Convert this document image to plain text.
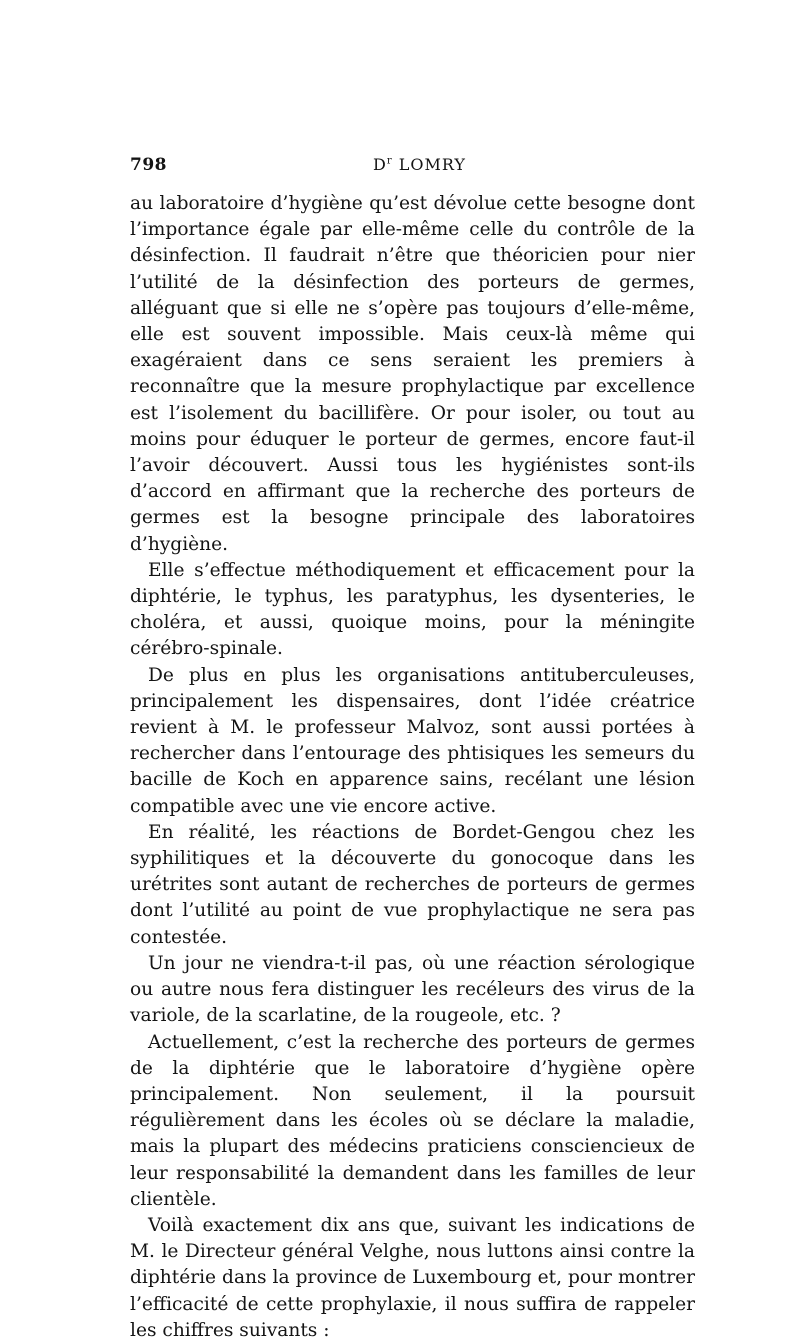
798	$D^r$ LOMRY

au laboratoire d’hygiène qu’est dévolue cette besogne dont l’importance égale par elle-même celle du contrôle de la désinfection. Il faudrait n’être que théoricien pour nier l’utilité de la désinfection des porteurs de germes, alléguant que si elle ne s’opère pas toujours d’elle-même, elle est souvent impossible. Mais ceux-là même qui exagéraient dans ce sens seraient les premiers à reconnaître que la mesure prophylactique par excellence est l’isolement du bacillifère. Or pour isoler, ou tout au moins pour éduquer le porteur de germes, encore faut-il l’avoir découvert. Aussi tous les hygiénistes sont-ils d’accord en affirmant que la recherche des porteurs de germes est la besogne principale des laboratoires d’hygiène.

Elle s’effectue méthodiquement et efficacement pour la diphtérie, le typhus, les paratyphus, les dysenteries, le choléra, et aussi, quoique moins, pour la méningite cérébro-spinale.

De plus en plus les organisations antituberculeuses, principalement les dispensaires, dont l’idée créatrice revient à M. le professeur Malvoz, sont aussi portées à rechercher dans l’entourage des phtisiques les semeurs du bacille de Koch en apparence sains, recélant une lésion compatible avec une vie encore active.

En réalité, les réactions de Bordet-Gengou chez les syphilitiques et la découverte du gonocoque dans les urétrites sont autant de recherches de porteurs de germes dont l’utilité au point de vue prophylactique ne sera pas contestée.

Un jour ne viendra-t-il pas, où une réaction sérologique ou autre nous fera distinguer les recéleurs des virus de la variole, de la scarlatine, de la rougeole, etc. ?

Actuellement, c’est la recherche des porteurs de germes de la diphtérie que le laboratoire d’hygiène opère principalement. Non seulement, il la poursuit régulièrement dans les écoles où se déclare la maladie, mais la plupart des médecins praticiens consciencieux de leur responsabilité la demandent dans les familles de leur clientèle.

Voilà exactement dix ans que, suivant les indications de M. le Directeur général Velghe, nous luttons ainsi contre la diphtérie dans la province de Luxembourg et, pour montrer l’efficacité de cette prophylaxie, il nous suffira de rappeler les chiffres suivants :
